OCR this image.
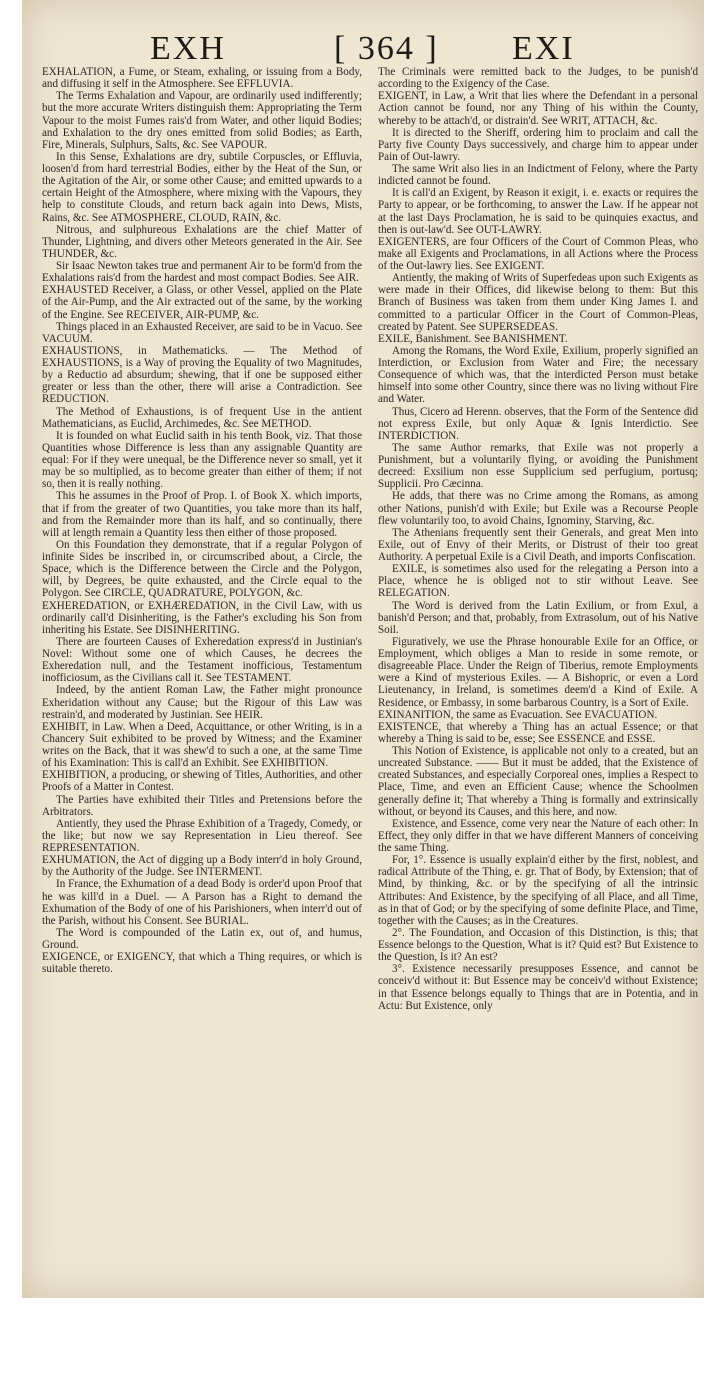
EXH	[ 364 ] EXI

EXHALATION, a Fume, or Steam, exhaling, or issuing from a Body, and diffusing it self in the Atmosphere. See EFFLUVIA.

The Terms Exhalation and Vapour, are ordinarily used indifferently; but the more accurate Writers distinguish them: Appropriating the Term Vapour to the moist Fumes rais'd from Water, and other liquid Bodies; and Exhalation to the dry ones emitted from solid Bodies; as Earth, Fire, Minerals, Sulphurs, Salts, &c. See VAPOUR.

In this Sense, Exhalations are dry, subtile Corpuscles, or Effluvia, loosen'd from hard terrestrial Bodies, either by the Heat of the Sun, or the Agitation of the Air, or some other Cause; and emitted upwards to a certain Height of the Atmosphere, where mixing with the Vapours, they help to constitute Clouds, and return back again into Dews, Mists, Rains, &c. See ATMOSPHERE, CLOUD, RAIN, &c.

Nitrous, and sulphureous Exhalations are the chief Matter of Thunder, Lightning, and divers other Meteors generated in the Air. See THUNDER, &c.

Sir Isaac Newton takes true and permanent Air to be form'd from the Exhalations rais'd from the hardest and most compact Bodies. See AIR.

EXHAUSTED Receiver, a Glass, or other Vessel, applied on the Plate of the Air-Pump, and the Air extracted out of the same, by the working of the Engine. See RECEIVER, AIR-PUMP, &c.

Things placed in an Exhausted Receiver, are said to be in Vacuo. See VACUUM.

EXHAUSTIONS, in Mathematicks. — The Method of EXHAUSTIONS, is a Way of proving the Equality of two Magnitudes, by a Reductio ad absurdum; shewing, that if one be supposed either greater or less than the other, there will arise a Contradiction. See REDUCTION.

The Method of Exhaustions, is of frequent Use in the antient Mathematicians, as Euclid, Archimedes, &c. See METHOD.

It is founded on what Euclid saith in his tenth Book, viz. That those Quantities whose Difference is less than any assignable Quantity are equal: For if they were unequal, be the Difference never so small, yet it may be so multiplied, as to become greater than either of them; if not so, then it is really nothing.

This he assumes in the Proof of Prop. I. of Book X. which imports, that if from the greater of two Quantities, you take more than its half, and from the Remainder more than its half, and so continually, there will at length remain a Quantity less then either of those proposed.

On this Foundation they demonstrate, that if a regular Polygon of infinite Sides be inscribed in, or circumscribed about, a Circle, the Space, which is the Difference between the Circle and the Polygon, will, by Degrees, be quite exhausted, and the Circle equal to the Polygon. See CIRCLE, QUADRATURE, POLYGON, &c.

EXHEREDATION, or EXHÆREDATION, in the Civil Law, with us ordinarily call'd Disinheriting, is the Father's excluding his Son from inheriting his Estate. See DISINHERITING.

There are fourteen Causes of Exheredation express'd in Justinian's Novel: Without some one of which Causes, he decrees the Exheredation null, and the Testament inofficious, Testamentum inofficiosum, as the Civilians call it. See TESTAMENT.

Indeed, by the antient Roman Law, the Father might pronounce Exheridation without any Cause; but the Rigour of this Law was restrain'd, and moderated by Justinian. See HEIR.

EXHIBIT, in Law. When a Deed, Acquittance, or other Writing, is in a Chancery Suit exhibited to be proved by Witness; and the Examiner writes on the Back, that it was shew'd to such a one, at the same Time of his Examination: This is call'd an Exhibit. See EXHIBITION.

EXHIBITION, a producing, or shewing of Titles, Authorities, and other Proofs of a Matter in Contest.

The Parties have exhibited their Titles and Pretensions before the Arbitrators.

Antiently, they used the Phrase Exhibition of a Tragedy, Comedy, or the like; but now we say Representation in Lieu thereof. See REPRESENTATION.

EXHUMATION, the Act of digging up a Body interr'd in holy Ground, by the Authority of the Judge. See INTERMENT.

In France, the Exhumation of a dead Body is order'd upon Proof that he was kill'd in a Duel. — A Parson has a Right to demand the Exhumation of the Body of one of his Parishioners, when interr'd out of the Parish, without his Consent. See BURIAL.

The Word is compounded of the Latin ex, out of, and humus, Ground.

EXIGENCE, or EXIGENCY, that which a Thing requires, or which is suitable thereto.

The Criminals were remitted back to the Judges, to be punish'd according to the Exigency of the Case.

EXIGENT, in Law, a Writ that lies where the Defendant in a personal Action cannot be found, nor any Thing of his within the County, whereby to be attach'd, or distrain'd. See WRIT, ATTACH, &c.

It is directed to the Sheriff, ordering him to proclaim and call the Party five County Days successively, and charge him to appear under Pain of Out-lawry.

The same Writ also lies in an Indictment of Felony, where the Party indicted cannot be found.

It is call'd an Exigent, by Reason it exigit, i. e. exacts or requires the Party to appear, or be forthcoming, to answer the Law. If he appear not at the last Days Proclamation, he is said to be quinquies exactus, and then is out-law'd. See OUT-LAWRY.

EXIGENTERS, are four Officers of the Court of Common Pleas, who make all Exigents and Proclamations, in all Actions where the Process of the Out-lawry lies. See EXIGENT.

Antiently, the making of Writs of Superfedeas upon such Exigents as were made in their Offices, did likewise belong to them: But this Branch of Business was taken from them under King James I. and committed to a particular Officer in the Court of Common-Pleas, created by Patent. See SUPERSEDEAS.

EXILE, Banishment. See BANISHMENT.

Among the Romans, the Word Exile, Exilium, properly signified an Interdiction, or Exclusion from Water and Fire; the necessary Consequence of which was, that the interdicted Person must betake himself into some other Country, since there was no living without Fire and Water.

Thus, Cicero ad Herenn. observes, that the Form of the Sentence did not express Exile, but only Aquæ & Ignis Interdictio. See INTERDICTION.

The same Author remarks, that Exile was not properly a Punishment, but a voluntarily flying, or avoiding the Punishment decreed: Exsilium non esse Supplicium sed perfugium, portusq; Supplicii. Pro Cæcinna.

He adds, that there was no Crime among the Romans, as among other Nations, punish'd with Exile; but Exile was a Recourse People flew voluntarily too, to avoid Chains, Ignominy, Starving, &c.

The Athenians frequently sent their Generals, and great Men into Exile, out of Envy of their Merits, or Distrust of their too great Authority. A perpetual Exile is a Civil Death, and imports Confiscation.

EXILE, is sometimes also used for the relegating a Person into a Place, whence he is obliged not to stir without Leave. See RELEGATION.

The Word is derived from the Latin Exilium, or from Exul, a banish'd Person; and that, probably, from Extrasolum, out of his Native Soil.

Figuratively, we use the Phrase honourable Exile for an Office, or Employment, which obliges a Man to reside in some remote, or disagreeable Place. Under the Reign of Tiberius, remote Employments were a Kind of mysterious Exiles. — A Bishopric, or even a Lord Lieutenancy, in Ireland, is sometimes deem'd a Kind of Exile. A Residence, or Embassy, in some barbarous Country, is a Sort of Exile.

EXINANITION, the same as Evacuation. See EVACUATION.

EXISTENCE, that whereby a Thing has an actual Essence; or that whereby a Thing is said to be, esse; See ESSENCE and ESSE.

This Notion of Existence, is applicable not only to a created, but an uncreated Substance. —— But it must be added, that the Existence of created Substances, and especially Corporeal ones, implies a Respect to Place, Time, and even an Efficient Cause; whence the Schoolmen generally define it; That whereby a Thing is formally and extrinsically without, or beyond its Causes, and this here, and now.

Existence, and Essence, come very near the Nature of each other: In Effect, they only differ in that we have different Manners of conceiving the same Thing.

For, 1°. Essence is usually explain'd either by the first, noblest, and radical Attribute of the Thing, e. gr. That of Body, by Extension; that of Mind, by thinking, &c. or by the specifying of all the intrinsic Attributes: And Existence, by the specifying of all Place, and all Time, as in that of God; or by the specifying of some definite Place, and Time, together with the Causes; as in the Creatures.

2°. The Foundation, and Occasion of this Distinction, is this; that Essence belongs to the Question, What is it? Quid est? But Existence to the Question, Is it? An est?

3°. Existence necessarily presupposes Essence, and cannot be conceiv'd without it: But Essence may be conceiv'd without Existence; in that Essence belongs equally to Things that are in Potentia, and in Actu: But Existence, only
